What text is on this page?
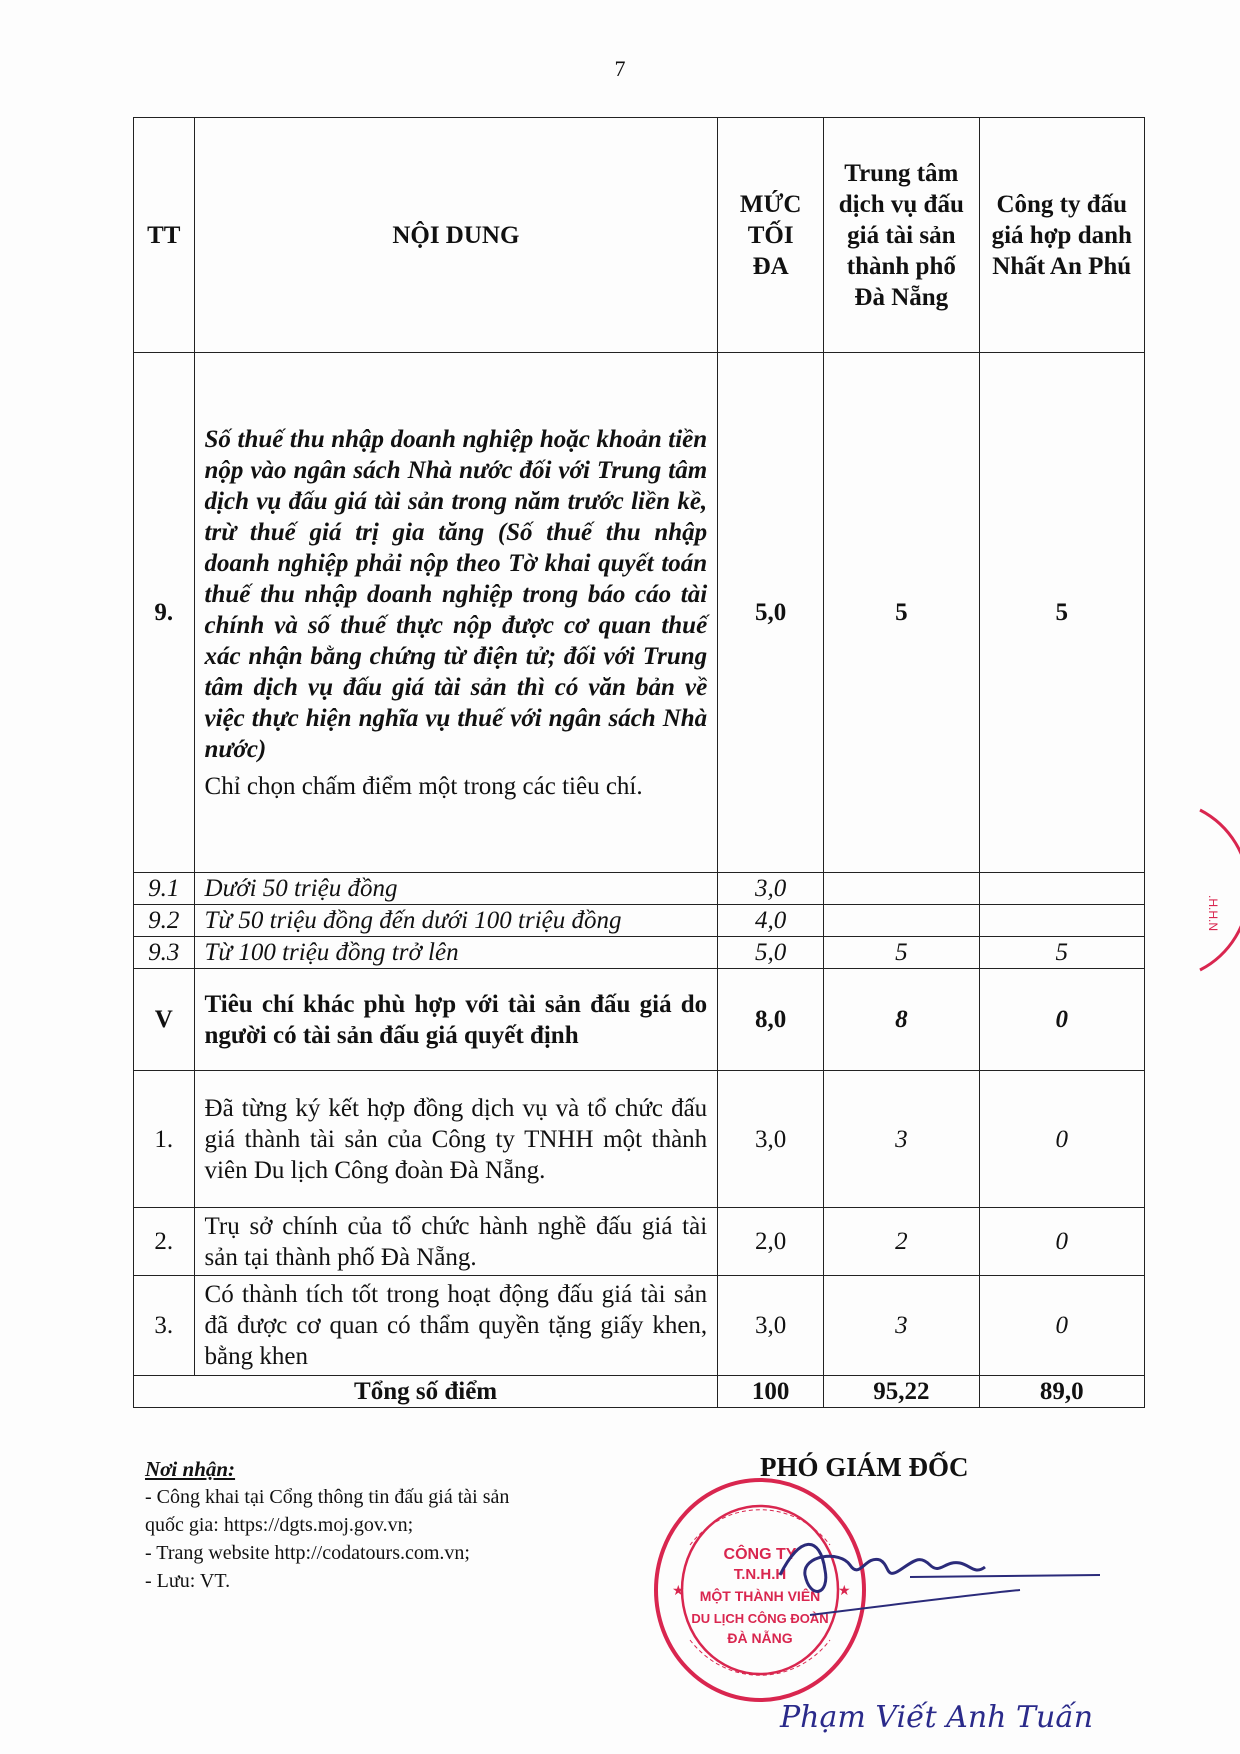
7
TT	NỘI DUNG	MỨC TỐI ĐA	Trung tâm dịch vụ đấu giá tài sản thành phố Đà Nẵng	Công ty đấu giá hợp danh Nhất An Phú
9.	Số thuế thu nhập doanh nghiệp hoặc khoản tiền nộp vào ngân sách Nhà nước đối với Trung tâm dịch vụ đấu giá tài sản trong năm trước liền kề, trừ thuế giá trị gia tăng (Số thuế thu nhập doanh nghiệp phải nộp theo Tờ khai quyết toán thuế thu nhập doanh nghiệp trong báo cáo tài chính và số thuế thực nộp được cơ quan thuế xác nhận bằng chứng từ điện tử; đối với Trung tâm dịch vụ đấu giá tài sản thì có văn bản về việc thực hiện nghĩa vụ thuế với ngân sách Nhà nước)
Chỉ chọn chấm điểm một trong các tiêu chí.	5,0	5	5
9.1	Dưới 50 triệu đồng	3,0		
9.2	Từ 50 triệu đồng đến dưới 100 triệu đồng	4,0		
9.3	Từ 100 triệu đồng trở lên	5,0	5	5
V	Tiêu chí khác phù hợp với tài sản đấu giá do người có tài sản đấu giá quyết định	8,0	8	0
1.	Đã từng ký kết hợp đồng dịch vụ và tổ chức đấu giá thành tài sản của Công ty TNHH một thành viên Du lịch Công đoàn Đà Nẵng.	3,0	3	0
2.	Trụ sở chính của tổ chức hành nghề đấu giá tài sản tại thành phố Đà Nẵng.	2,0	2	0
3.	Có thành tích tốt trong hoạt động đấu giá tài sản đã được cơ quan có thẩm quyền tặng giấy khen, bằng khen	3,0	3	0
Tổng số điểm		100	95,22	89,0
Nơi nhận:
- Công khai tại Cổng thông tin đấu giá tài sản quốc gia: https://dgts.moj.gov.vn;
- Trang website http://codatours.com.vn;
- Lưu: VT.
PHÓ GIÁM ĐỐC
CÔNG TY
T.N.H.H
MỘT THÀNH VIÊN
DU LỊCH CÔNG ĐOÀN
ĐÀ NẴNG
★	★
Phạm Viết Anh Tuấn
.H.H.N
